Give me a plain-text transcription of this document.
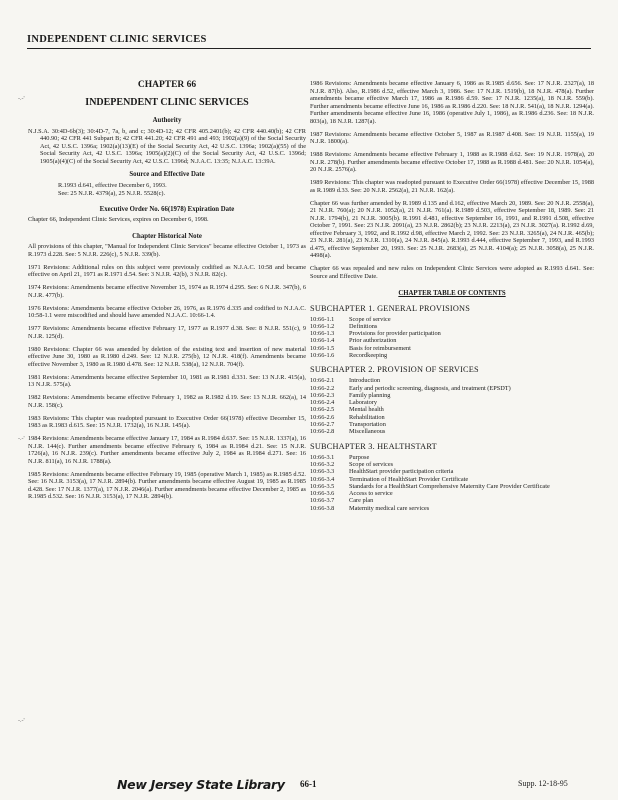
INDEPENDENT CLINIC SERVICES
-.-'
-.-'
-.-'
CHAPTER 66
INDEPENDENT CLINIC SERVICES
Authority

N.J.S.A. 30:4D-6b(3); 30:4D-7, 7a, b, and c; 30:4D-12; 42 CFR 405.2401(b); 42 CFR 440.40(b); 42 CFR 440.90; 42 CFR 441 Subpart B; 42 CFR 441.20; 42 CFR 491 and 493; 1902(a)(9) of the Social Security Act, 42 U.S.C. 1396a; 1902(a)(13)(E) of the Social Security Act, 42 U.S.C. 1396a; 1902(a)(55) of the Social Security Act, 42 U.S.C. 1396a; 1905(a)(2)(C) of the Social Security Act, 42 U.S.C. 1396d; 1905(a)(4)(C) of the Social Security Act, 42 U.S.C. 1396d; N.J.A.C. 13:35; N.J.A.C. 13:39A.

Source and Effective Date

R.1993 d.641, effective December 6, 1993.

See: 25 N.J.R. 4379(a), 25 N.J.R. 5528(c).

Executive Order No. 66(1978) Expiration Date

Chapter 66, Independent Clinic Services, expires on December 6, 1998.

Chapter Historical Note

All provisions of this chapter, "Manual for Independent Clinic Services" became effective October 1, 1973 as R.1973 d.228. See: 5 N.J.R. 226(c), 5 N.J.R. 339(b).

1971 Revisions: Additional rules on this subject were previously codified as N.J.A.C. 10:58 and became effective on April 21, 1971 as R.1971 d.54. See: 3 N.J.R. 42(b), 3 N.J.R. 82(c).

1974 Revisions: Amendments became effective November 15, 1974 as R.1974 d.295. See: 6 N.J.R. 347(b), 6 N.J.R. 477(b).

1976 Revisions: Amendments became effective October 26, 1976, as R.1976 d.335 and codified to N.J.A.C. 10:58-1.1 were miscodified and should have amended N.J.A.C. 10:66-1.4.

1977 Revisions: Amendments became effective February 17, 1977 as R.1977 d.38. See: 8 N.J.R. 551(c), 9 N.J.R. 125(d).

1980 Revisions: Chapter 66 was amended by deletion of the existing text and insertion of new material effective June 30, 1980 as R.1980 d.249. See: 12 N.J.R. 275(b), 12 N.J.R. 418(f). Amendments became effective November 3, 1980 as R.1980 d.478. See: 12 N.J.R. 538(a), 12 N.J.R. 704(f).

1981 Revisions: Amendments became effective September 10, 1981 as R.1981 d.331. See: 13 N.J.R. 415(a), 13 N.J.R. 575(a).

1982 Revisions: Amendments became effective February 1, 1982 as R.1982 d.19. See: 13 N.J.R. 662(a), 14 N.J.R. 158(c).

1983 Revisions: This chapter was readopted pursuant to Executive Order 66(1978) effective December 15, 1983 as R.1983 d.615. See: 15 N.J.R. 1732(a), 16 N.J.R. 145(a).

1984 Revisions: Amendments became effective January 17, 1984 as R.1984 d.637. See: 15 N.J.R. 1337(a), 16 N.J.R. 144(c). Further amendments became effective February 6, 1984 as R.1984 d.21. See: 15 N.J.R. 1726(a), 16 N.J.R. 239(c). Further amendments became effective July 2, 1984 as R.1984 d.271. See: 16 N.J.R. 811(a), 16 N.J.R. 1788(a).

1985 Revisions: Amendments became effective February 19, 1985 (operative March 1, 1985) as R.1985 d.52. See: 16 N.J.R. 3153(a), 17 N.J.R. 2894(b). Further amendments became effective August 19, 1985 as R.1985 d.428. See: 17 N.J.R. 1377(a), 17 N.J.R. 2046(a). Further amendments became effective December 2, 1985 as R.1985 d.532. See: 16 N.J.R. 3153(a), 17 N.J.R. 2894(b).

1986 Revisions: Amendments became effective January 6, 1986 as R.1985 d.656. See: 17 N.J.R. 2327(a), 18 N.J.R. 87(b). Also, R.1986 d.52, effective March 3, 1986. See: 17 N.J.R. 1519(b), 18 N.J.R. 478(a). Further amendments became effective March 17, 1986 as R.1986 d.59. See: 17 N.J.R. 1235(a), 18 N.J.R. 559(b). Further amendments became effective June 16, 1986 as R.1986 d.220. See: 18 N.J.R. 541(a), 18 N.J.R. 1294(a). Further amendments became effective June 16, 1986 (operative July 1, 1986), as R.1986 d.236. See: 18 N.J.R. 803(a), 18 N.J.R. 1287(a).

1987 Revisions: Amendments became effective October 5, 1987 as R.1987 d.408. See: 19 N.J.R. 1155(a), 19 N.J.R. 1800(a).

1988 Revisions: Amendments became effective February 1, 1988 as R.1988 d.62. See: 19 N.J.R. 1978(a), 20 N.J.R. 278(b). Further amendments became effective October 17, 1988 as R.1988 d.481. See: 20 N.J.R. 1054(a), 20 N.J.R. 2576(a).

1989 Revisions: This chapter was readopted pursuant to Executive Order 66(1978) effective December 15, 1988 as R.1989 d.33. See: 20 N.J.R. 2562(a), 21 N.J.R. 162(a).

Chapter 66 was further amended by R.1989 d.135 and d.162, effective March 20, 1989. See: 20 N.J.R. 2558(a), 21 N.J.R. 760(a); 20 N.J.R. 1052(a), 21 N.J.R. 761(a). R.1989 d.503, effective September 18, 1989. See: 21 N.J.R. 1794(b), 21 N.J.R. 3005(b). R.1991 d.481, effective September 16, 1991, and R.1991 d.508, effective October 7, 1991. See: 23 N.J.R. 2091(a), 23 N.J.R. 2862(b); 23 N.J.R. 2213(a), 23 N.J.R. 3027(a). R.1992 d.69, effective February 3, 1992, and R.1992 d.98, effective March 2, 1992. See: 23 N.J.R. 3265(a), 24 N.J.R. 465(b); 23 N.J.R. 281(a), 23 N.J.R. 1310(a), 24 N.J.R. 845(a). R.1993 d.444, effective September 7, 1993, and R.1993 d.475, effective September 20, 1993. See: 25 N.J.R. 2683(a), 25 N.J.R. 4104(a); 25 N.J.R. 3058(a), 25 N.J.R. 4498(a).

Chapter 66 was repealed and new rules on Independent Clinic Services were adopted as R.1993 d.641. See: Source and Effective Date.

CHAPTER TABLE OF CONTENTS
SUBCHAPTER 1. GENERAL PROVISIONS
10:66-1.1	Scope of service
10:66-1.2	Definitions
10:66-1.3	Provisions for provider participation
10:66-1.4	Prior authorization
10:66-1.5	Basis for reimbursement
10:66-1.6	Recordkeeping
SUBCHAPTER 2. PROVISION OF SERVICES
10:66-2.1	Introduction
10:66-2.2	Early and periodic screening, diagnosis, and treatment (EPSDT)
10:66-2.3	Family planning
10:66-2.4	Laboratory
10:66-2.5	Mental health
10:66-2.6	Rehabilitation
10:66-2.7	Transportation
10:66-2.8	Miscellaneous
SUBCHAPTER 3. HEALTHSTART
10:66-3.1	Purpose
10:66-3.2	Scope of services
10:66-3.3	HealthStart provider participation criteria
10:66-3.4	Termination of HealthStart Provider Certificate
10:66-3.5	Standards for a HealthStart Comprehensive Maternity Care Provider Certificate
10:66-3.6	Access to service
10:66-3.7	Care plan
10:66-3.8	Maternity medical care services
New Jersey State Library 66-1	Supp. 12-18-95
